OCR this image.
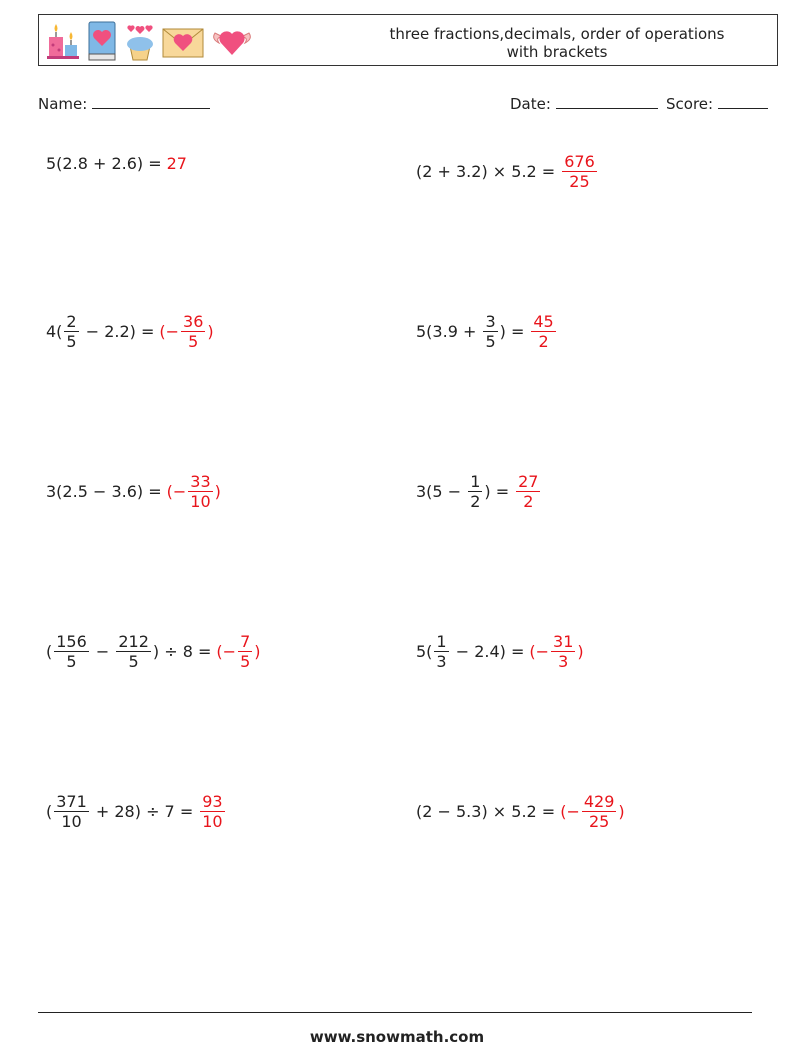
three fractions,decimals, order of operations
with brackets
Name:	Date:	Score:
5(2.8 + 2.6) = 27	$(2 + 3.2) \times 5.2 = \frac{676}{25}$
$4( \frac{2}{5} - 2.2)$ = (− $\frac{36}{5}$ )	$5(3.9 + \frac{3}{5}$ ) = $\frac{45}{2}$
3(2.5 − 3.6) = (− $\frac{33}{10}$ )	$3(5 - \frac{1}{2}$ ) = $\frac{27}{2}$
( $\frac{156}{5} - \frac{212}{5}$ ) ÷ 8 = (− $\frac{7}{5}$ )	$5( \frac{1}{3} - 2.4)$ = (− $\frac{31}{3}$ )
( $\frac{371}{10} + 28) \div 7 = \frac{93}{10}$	(2 − 5.3) × 5.2 = (− $\frac{429}{25}$ )
www.snowmath.com
